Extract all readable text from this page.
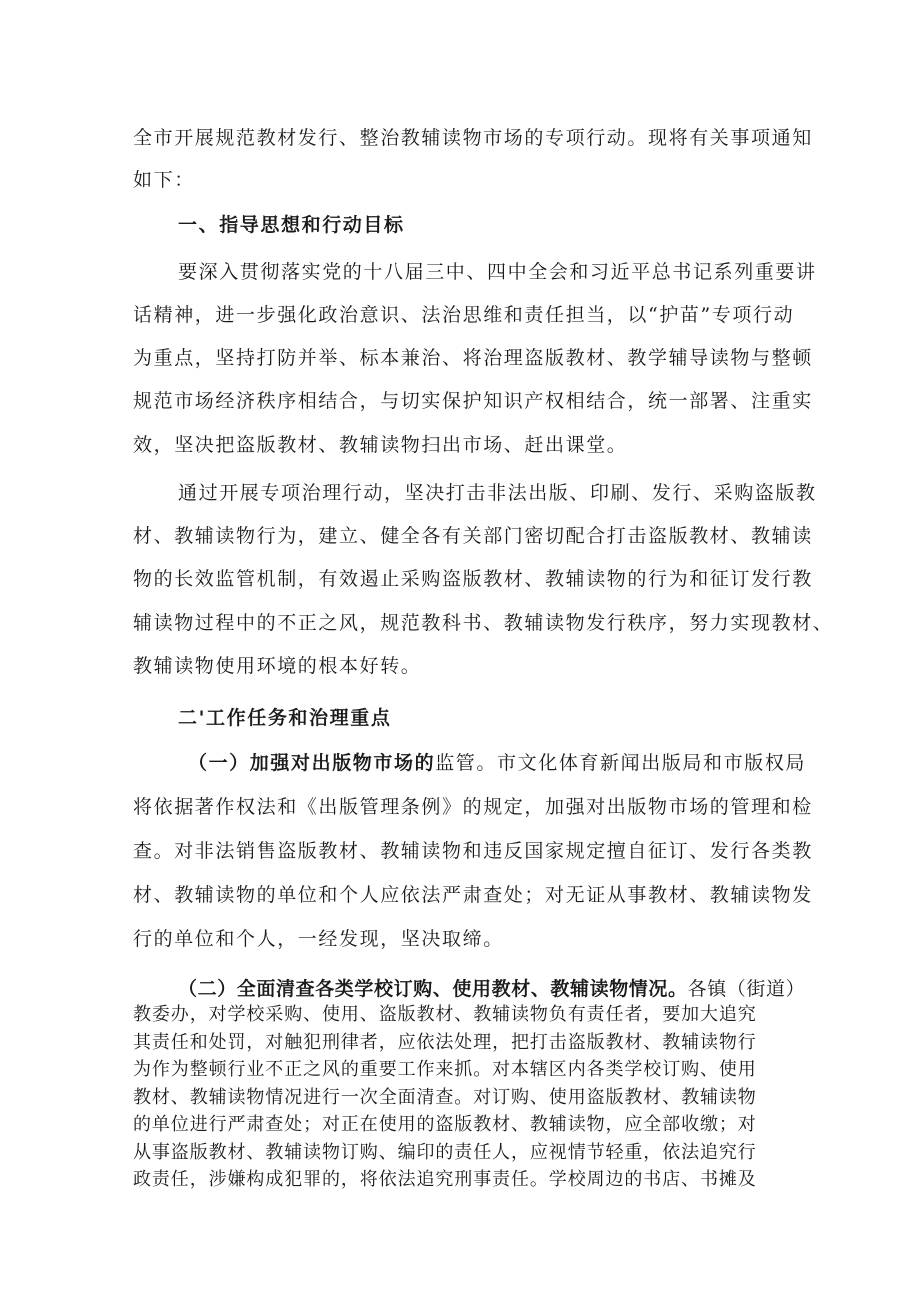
全市开展规范教材发行、整治教辅读物市场的专项行动。现将有关事项通知
如下：
一、指导思想和行动目标
要深入贯彻落实党的十八届三中、四中全会和习近平总书记系列重要讲
话精神，进一步强化政治意识、法治思维和责任担当，以“护苗”专项行动
为重点，坚持打防并举、标本兼治、将治理盗版教材、教学辅导读物与整顿
规范市场经济秩序相结合，与切实保护知识产权相结合，统一部署、注重实
效，坚决把盗版教材、教辅读物扫出市场、赶出课堂。
通过开展专项治理行动，坚决打击非法出版、印刷、发行、采购盗版教
材、教辅读物行为，建立、健全各有关部门密切配合打击盗版教材、教辅读
物的长效监管机制，有效遏止采购盗版教材、教辅读物的行为和征订发行教
辅读物过程中的不正之风，规范教科书、教辅读物发行秩序，努力实现教材、
教辅读物使用环境的根本好转。
二'工作任务和治理重点
（一）加强对出版物市场的监管。市文化体育新闻出版局和市版权局
将依据著作权法和《出版管理条例》的规定，加强对出版物市场的管理和检
查。对非法销售盗版教材、教辅读物和违反国家规定擅自征订、发行各类教
材、教辅读物的单位和个人应依法严肃查处；对无证从事教材、教辅读物发
行的单位和个人，一经发现，坚决取缔。
（二）全面清查各类学校订购、使用教材、教辅读物情况。各镇（街道）
教委办，对学校采购、使用、盗版教材、教辅读物负有责任者，要加大追究
其责任和处罚，对触犯刑律者，应依法处理，把打击盗版教材、教辅读物行
为作为整顿行业不正之风的重要工作来抓。对本辖区内各类学校订购、使用
教材、教辅读物情况进行一次全面清查。对订购、使用盗版教材、教辅读物
的单位进行严肃查处；对正在使用的盗版教材、教辅读物，应全部收缴；对
从事盗版教材、教辅读物订购、编印的责任人，应视情节轻重，依法追究行
政责任，涉嫌构成犯罪的，将依法追究刑事责任。学校周边的书店、书摊及
